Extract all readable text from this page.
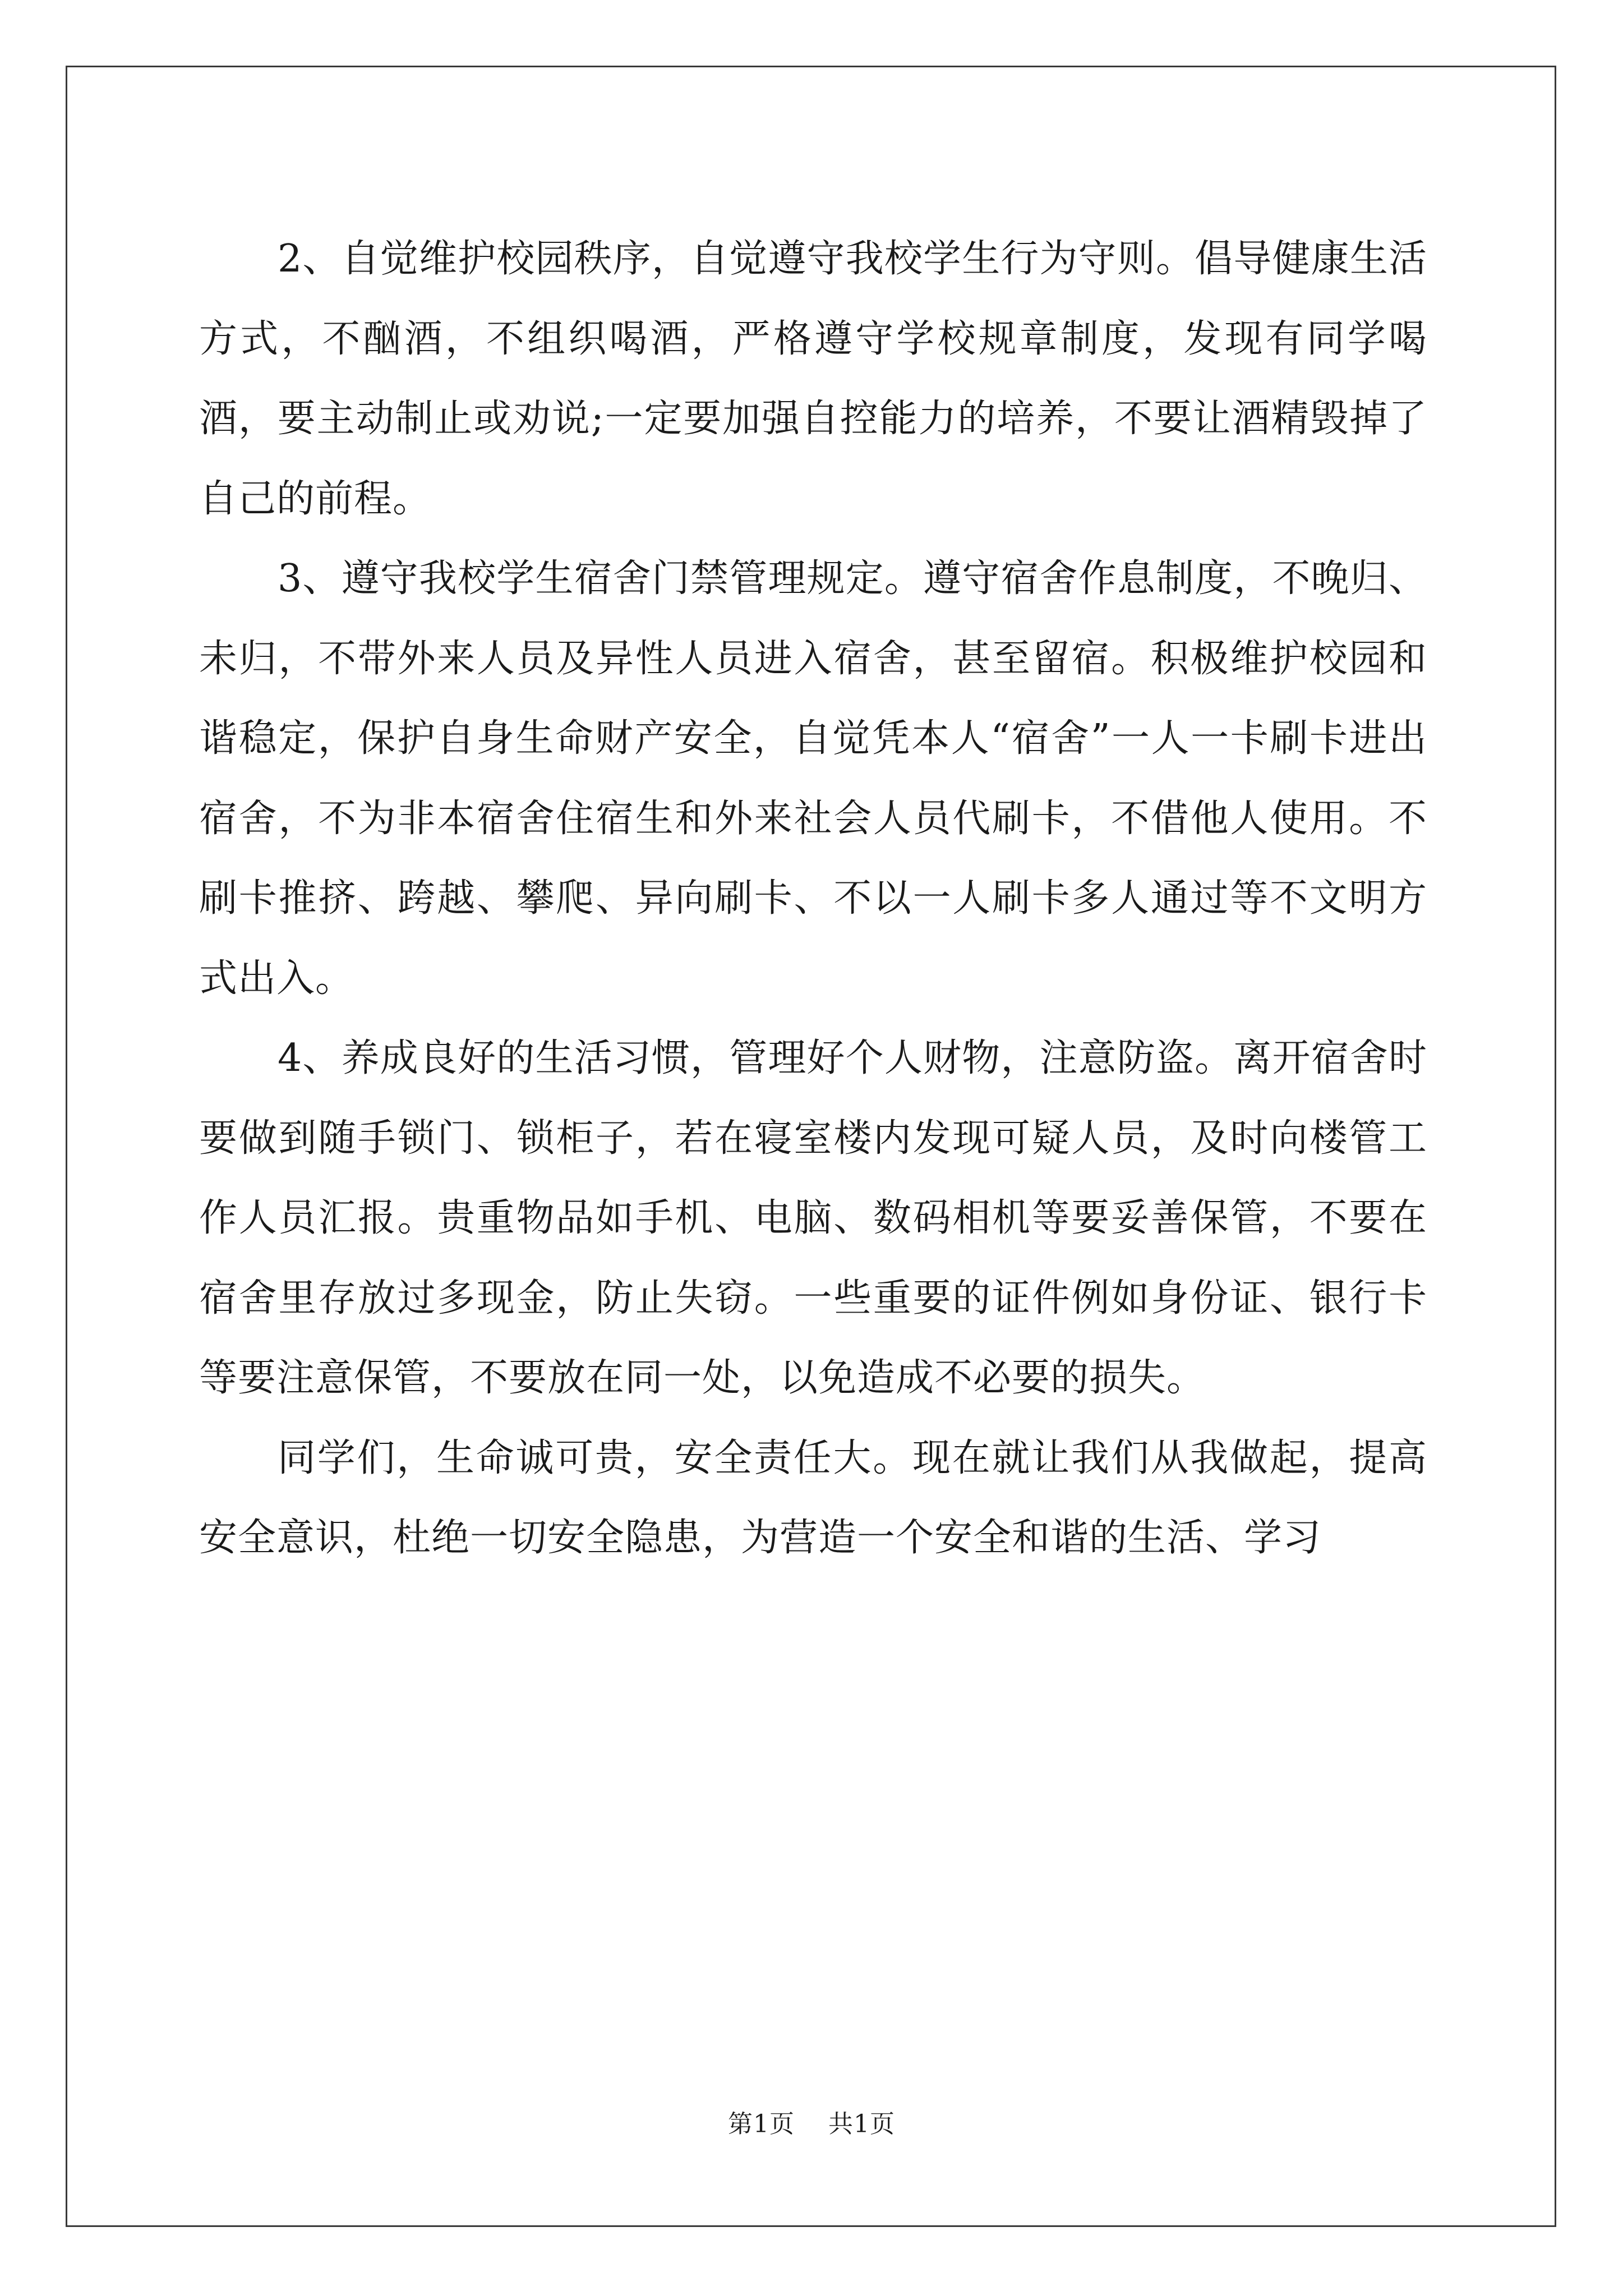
2、自觉维护校园秩序，自觉遵守我校学生行为守则。倡导健康生活方式，不酗酒，不组织喝酒，严格遵守学校规章制度，发现有同学喝酒，要主动制止或劝说;一定要加强自控能力的培养，不要让酒精毁掉了自己的前程。

3、遵守我校学生宿舍门禁管理规定。遵守宿舍作息制度，不晚归、未归，不带外来人员及异性人员进入宿舍，甚至留宿。积极维护校园和谐稳定，保护自身生命财产安全，自觉凭本人“宿舍”一人一卡刷卡进出宿舍，不为非本宿舍住宿生和外来社会人员代刷卡，不借他人使用。不刷卡推挤、跨越、攀爬、异向刷卡、不以一人刷卡多人通过等不文明方式出入。

4、养成良好的生活习惯，管理好个人财物，注意防盗。离开宿舍时要做到随手锁门、锁柜子，若在寝室楼内发现可疑人员，及时向楼管工作人员汇报。贵重物品如手机、电脑、数码相机等要妥善保管，不要在宿舍里存放过多现金，防止失窃。一些重要的证件例如身份证、银行卡等要注意保管，不要放在同一处，以免造成不必要的损失。

同学们，生命诚可贵，安全责任大。现在就让我们从我做起，提高安全意识，杜绝一切安全隐患，为营造一个安全和谐的生活、学习

第1页 共1页
